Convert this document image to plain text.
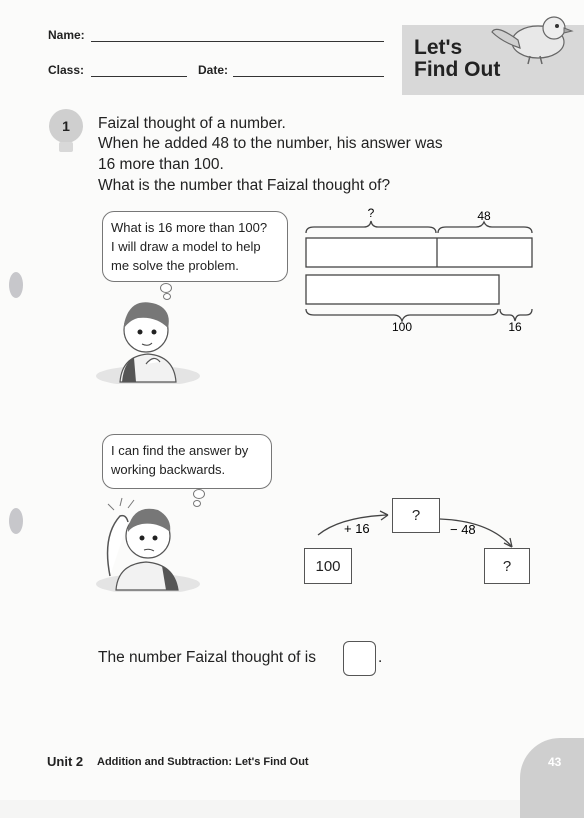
Name:
Class:	Date:
Let's
Find Out
1 Faizal thought of a number.
When he added 48 to the number, his answer was
16 more than 100.
What is the number that Faizal thought of?
What is 16 more than 100?
I will draw a model to help
me solve the problem.
?	48
100	16
I can find the answer by
working backwards.
+ 16	− 48
100
?
?
The number Faizal thought of is	.
Unit 2 Addition and Subtraction: Let's Find Out	43
